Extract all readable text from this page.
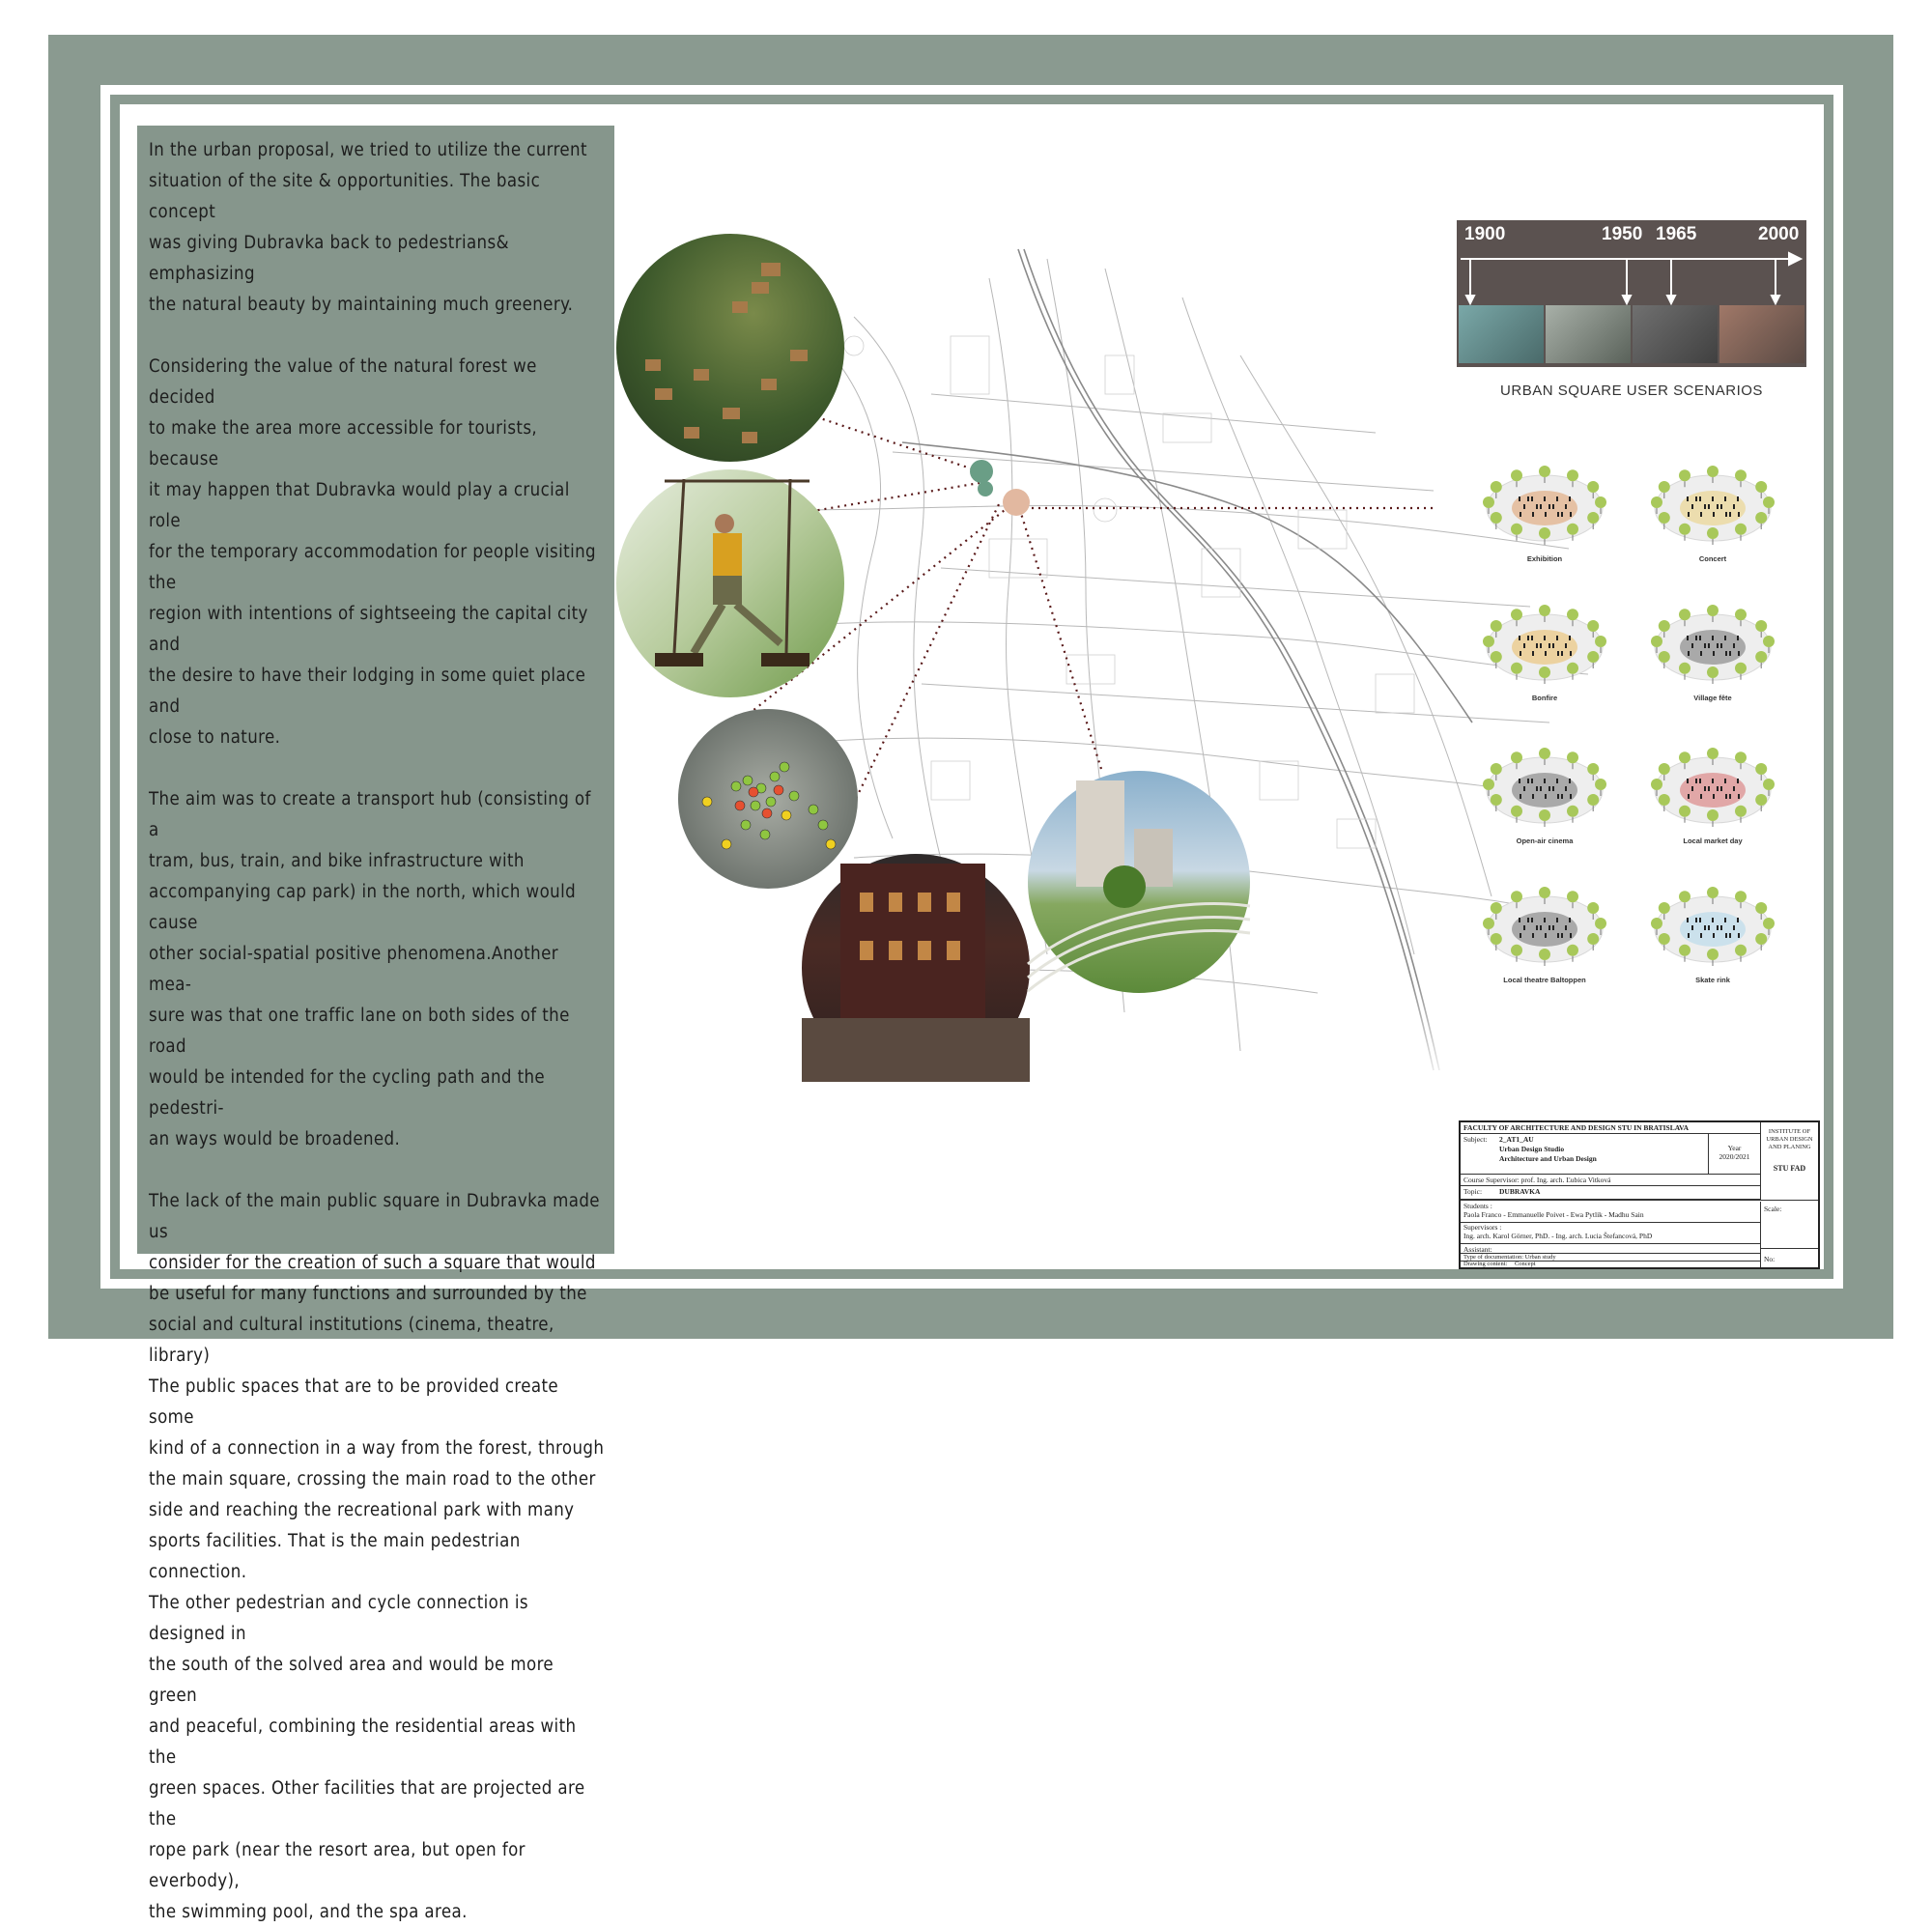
In the urban proposal, we tried to utilize the current
situation of the site & opportunities. The basic concept
was giving Dubravka back to pedestrians& emphasizing
the natural beauty by maintaining much greenery.

Considering the value of the natural forest we decided
to make the area more accessible for tourists, because
it may happen that Dubravka would play a crucial role
for the temporary accommodation for people visiting the
region with intentions of sightseeing the capital city and
the desire to have their lodging in some quiet place and
close to nature.

The aim was to create a transport hub (consisting of a
tram, bus, train, and bike infrastructure with
accompanying cap park) in the north, which would cause
other social-spatial positive phenomena.Another mea-
sure was that one traffic lane on both sides of the road
would be intended for the cycling path and the pedestri-
an ways would be broadened.

The lack of the main public square in Dubravka made us
consider for the creation of such a square that would
be useful for many functions and surrounded by the
social and cultural institutions (cinema, theatre, library)
The public spaces that are to be provided create some
kind of a connection in a way from the forest, through
the main square, crossing the main road to the other
side and reaching the recreational park with many
sports facilities. That is the main pedestrian connection.
The other pedestrian and cycle connection is designed in
the south of the solved area and would be more green
and peaceful, combining the residential areas with the
green spaces. Other facilities that are projected are the
rope park (near the resort area, but open for everbody),
the swimming pool, and the spa area.

1900	1950 1965	2000
URBAN SQUARE USER SCENARIOS
Exhibition	Concert
Bonfire	Village fête
Open-air cinema	Local market day
Local theatre Baltoppen	Skate rink
FACULTY OF ARCHITECTURE AND DESIGN STU IN BRATISLAVA	INSTITUTE OF URBAN DESIGN AND PLANING
STU FAD
Subject: 2_AT1_AU
Urban Design Studio
Architecture and Urban Design
Year
2020/2021
Course Supervisor: prof. Ing. arch. Ľubica Vitková
Topic: DUBRAVKA
Students :
Paola Franco - Emmanuelle Poivet - Ewa Pytlik - Madhu Sain
Scale:
Supervisors :
Ing. arch. Karol Görner, PhD. - Ing. arch. Lucia Štefancová, PhD
Assistant:
Type of documentation: Urban study
Drawing content: Concept
No:
